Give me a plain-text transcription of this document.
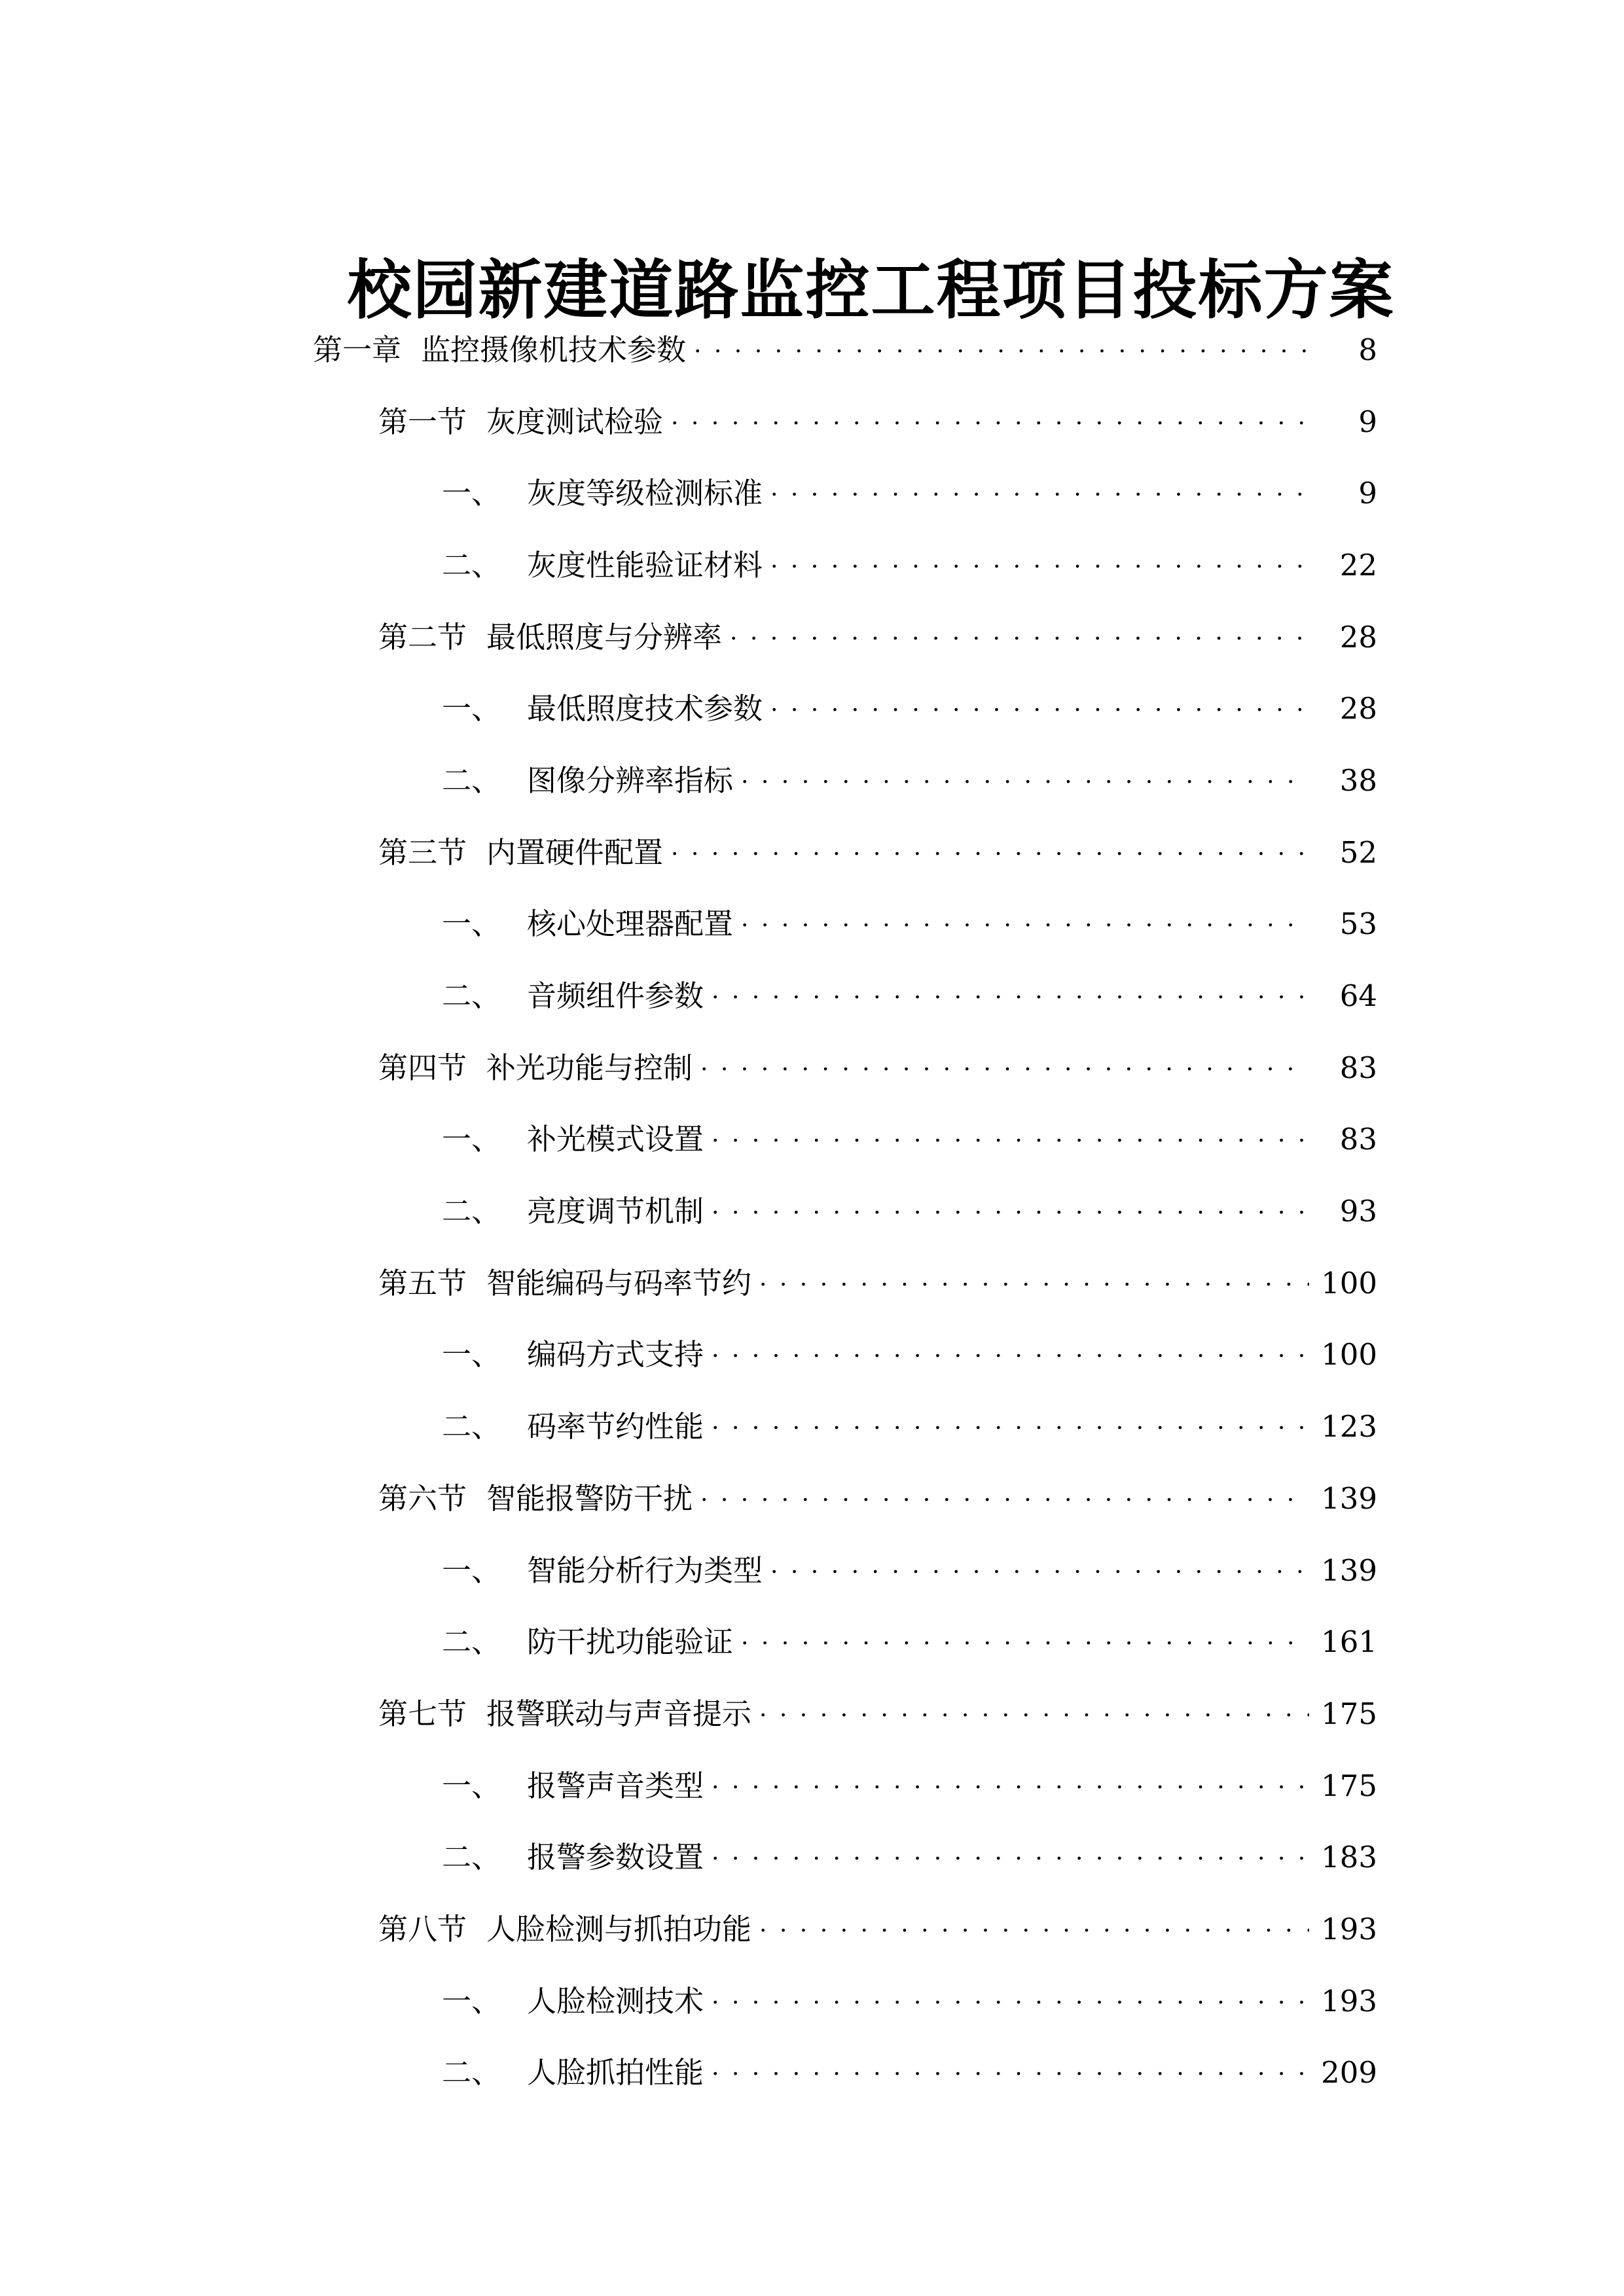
校园新建道路监控工程项目投标方案
第一章 监控摄像机技术参数 . . .	8
第一节 灰度测试检验 . . .	9
一、 灰度等级检测标准 . . .	9
二、 灰度性能验证材料 . . .	22
第二节 最低照度与分辨率 . . .	28
一、 最低照度技术参数 . . .	28
二、 图像分辨率指标 . . .	38
第三节 内置硬件配置 . . .	52
一、 核心处理器配置 . . .	53
二、 音频组件参数 . . .	64
第四节 补光功能与控制 . . .	83
一、 补光模式设置 . . .	83
二、 亮度调节机制 . . .	93
第五节 智能编码与码率节约 . . .	100
一、 编码方式支持 . . .	100
二、 码率节约性能 . . .	123
第六节 智能报警防干扰 . . .	139
一、 智能分析行为类型 . . .	139
二、 防干扰功能验证 . . .	161
第七节 报警联动与声音提示 . . .	175
一、 报警声音类型 . . .	175
二、 报警参数设置 . . .	183
第八节 人脸检测与抓拍功能 . . .	193
一、 人脸检测技术 . . .	193
二、 人脸抓拍性能 . . .	209
